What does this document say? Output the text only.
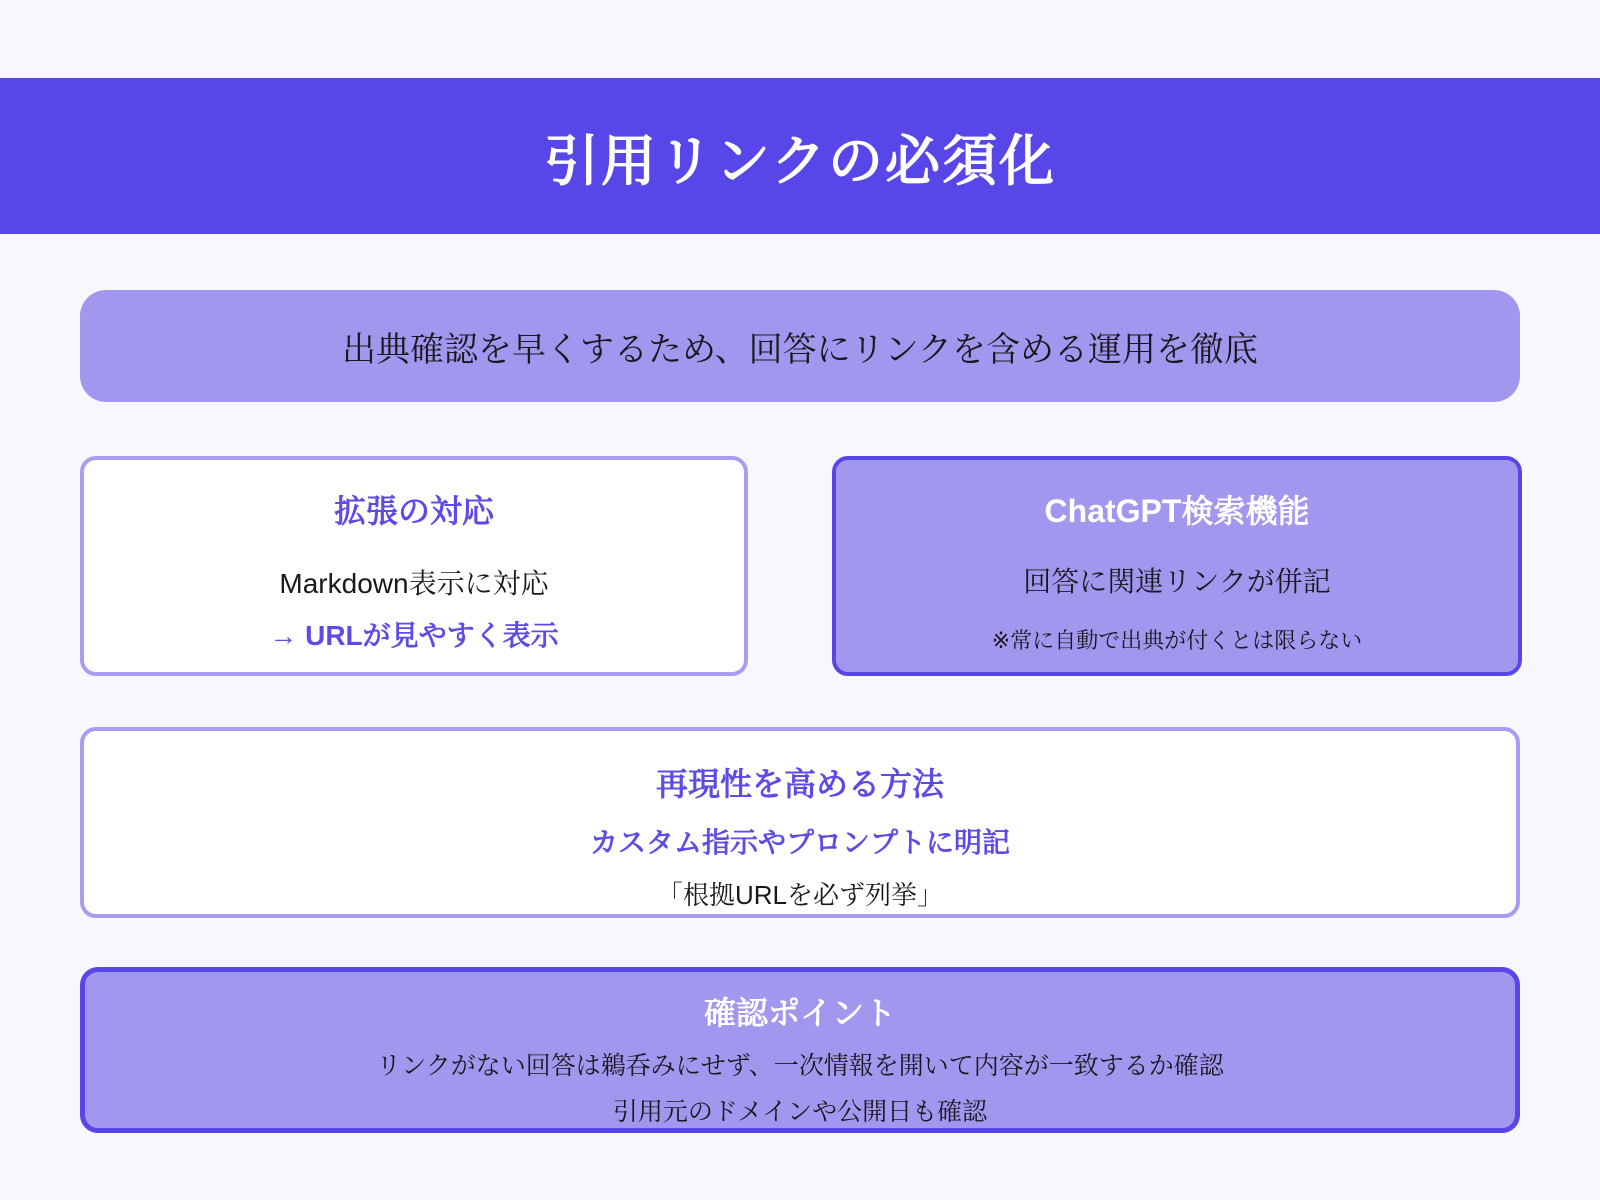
引用リンクの必須化

出典確認を早くするため、回答にリンクを含める運用を徹底

拡張の対応

Markdown表示に対応

→ URLが見やすく表示

ChatGPT検索機能

回答に関連リンクが併記

※常に自動で出典が付くとは限らない

再現性を高める方法

カスタム指示やプロンプトに明記

「根拠URLを必ず列挙」

確認ポイント

リンクがない回答は鵜呑みにせず、一次情報を開いて内容が一致するか確認

引用元のドメインや公開日も確認
